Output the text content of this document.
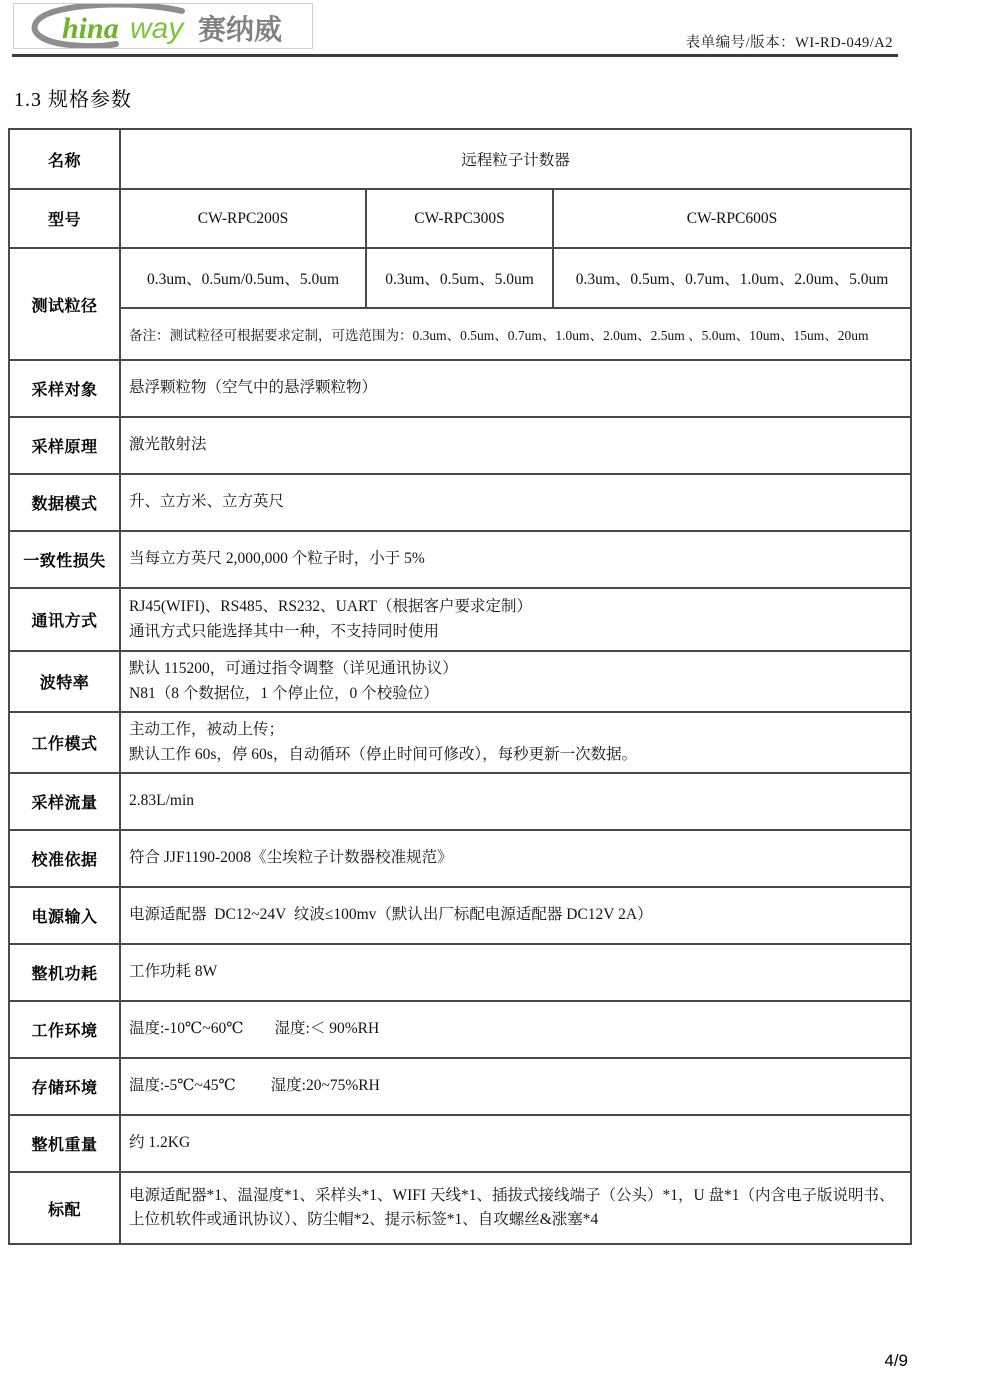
hina way 赛纳威	表单编号/版本：WI-RD-049/A2
1.3 规格参数
名称	远程粒子计数器		
型号	CW-RPC200S	CW-RPC300S	CW-RPC600S
测试粒径	0.3um、0.5um/0.5um、5.0um	0.3um、0.5um、5.0um	0.3um、0.5um、0.7um、1.0um、2.0um、5.0um
	备注：测试粒径可根据要求定制，可选范围为：0.3um、0.5um、0.7um、1.0um、2.0um、2.5um 、5.0um、10um、15um、20um		
采样对象	悬浮颗粒物（空气中的悬浮颗粒物）		

采样原理	激光散射法		

数据模式	升、立方米、立方英尺		

一致性损失	当每立方英尺 2,000,000 个粒子时，小于 5%		

通讯方式	RJ45(WIFI)、RS485、RS232、UART（根据客户要求定制）
通讯方式只能选择其中一种，不支持同时使用		

波特率	默认 115200，可通过指令调整（详见通讯协议）
N81（8 个数据位，1 个停止位，0 个校验位）		

工作模式	主动工作，被动上传；
默认工作 60s，停 60s，自动循环（停止时间可修改），每秒更新一次数据。		

采样流量	2.83L/min		

校准依据	符合 JJF1190-2008《尘埃粒子计数器校准规范》		

电源输入	电源适配器  DC12~24V  纹波≤100mv（默认出厂标配电源适配器 DC12V 2A）		

整机功耗	工作功耗 8W		

工作环境	温度:-10℃~60℃        湿度:＜ 90%RH		

存储环境	温度:-5℃~45℃         湿度:20~75%RH		

整机重量	约 1.2KG		

标配	电源适配器*1、温湿度*1、采样头*1、WIFI 天线*1、插拔式接线端子（公头）*1，U 盘*1（内含电子版说明书、上位机软件或通讯协议）、防尘帽*2、提示标签*1、自攻螺丝&涨塞*4		
4/9
